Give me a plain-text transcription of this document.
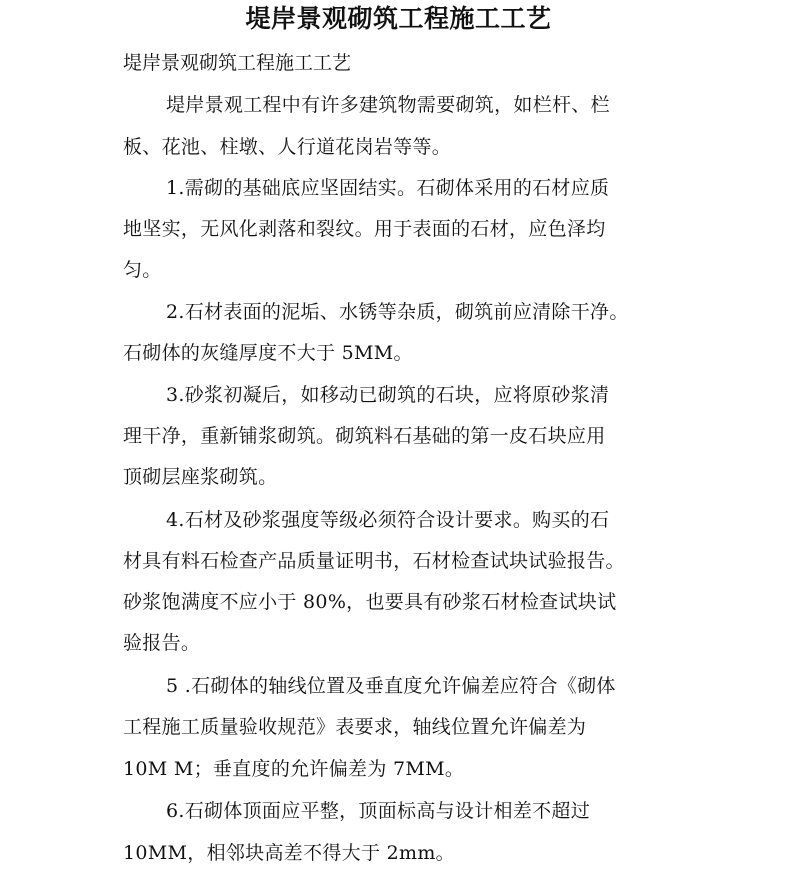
堤岸景观砌筑工程施工工艺

堤岸景观砌筑工程施工工艺

堤岸景观工程中有许多建筑物需要砌筑，如栏杆、栏

板、花池、柱墩、人行道花岗岩等等。

1.需砌的基础底应坚固结实。石砌体采用的石材应质

地坚实，无风化剥落和裂纹。用于表面的石材，应色泽均

匀。

2.石材表面的泥垢、水锈等杂质，砌筑前应清除干净。

石砌体的灰缝厚度不大于 5MM。

3.砂浆初凝后，如移动已砌筑的石块，应将原砂浆清

理干净，重新铺浆砌筑。砌筑料石基础的第一皮石块应用

顶砌层座浆砌筑。

4.石材及砂浆强度等级必须符合设计要求。购买的石

材具有料石检查产品质量证明书，石材检查试块试验报告。

砂浆饱满度不应小于 80%，也要具有砂浆石材检查试块试

验报告。

5 .石砌体的轴线位置及垂直度允许偏差应符合《砌体

工程施工质量验收规范》表要求，轴线位置允许偏差为

10M M；垂直度的允许偏差为 7MM。

6.石砌体顶面应平整，顶面标高与设计相差不超过

10MM，相邻块高差不得大于 2mm。
